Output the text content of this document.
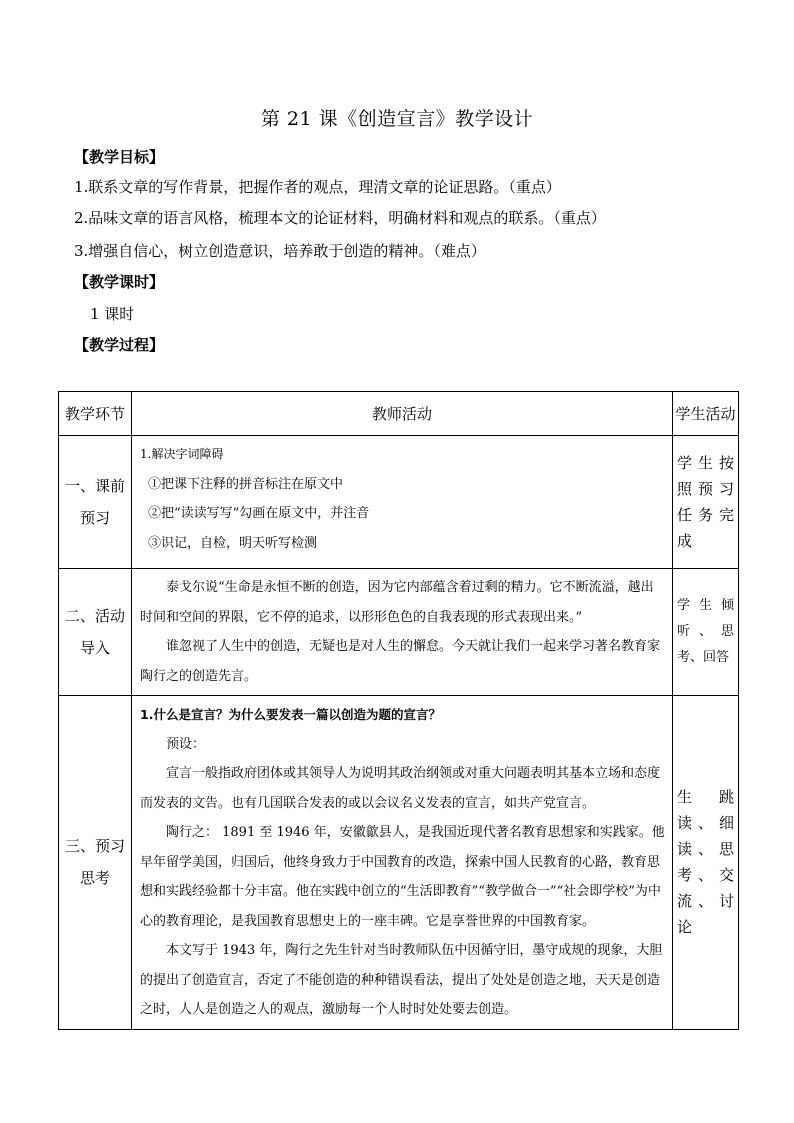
第 21 课《创造宣言》教学设计
【教学目标】
1.联系文章的写作背景，把握作者的观点，理清文章的论证思路。（重点）
2.品味文章的语言风格，梳理本文的论证材料，明确材料和观点的联系。（重点）
3.增强自信心，树立创造意识，培养敢于创造的精神。（难点）
【教学课时】
1 课时
【教学过程】
教学环节	教师活动	学生活动
一、课前预习	1.解决字词障碍

①把课下注释的拼音标注在原文中

②把“读读写写”勾画在原文中，并注音

③识记，自检，明天听写检测	学生按照预习任务完成
二、活动导入	泰戈尔说“生命是永恒不断的创造，因为它内部蕴含着过剩的精力。它不断流溢，越出时间和空间的界限，它不停的追求，以形形色色的自我表现的形式表现出来。”

谁忽视了人生中的创造，无疑也是对人生的懈怠。今天就让我们一起来学习著名教育家陶行之的创造先言。	学生倾听、思考、回答
三、预习思考	1.什么是宣言？为什么要发表一篇以创造为题的宣言？

预设：

宣言一般指政府团体或其领导人为说明其政治纲领或对重大问题表明其基本立场和态度而发表的文告。也有几国联合发表的或以会议名义发表的宣言，如共产党宣言。

陶行之： 1891 至 1946 年，安徽歙县人，是我国近现代著名教育思想家和实践家。他早年留学美国，归国后，他终身致力于中国教育的改造，探索中国人民教育的心路，教育思想和实践经验都十分丰富。他在实践中创立的“生活即教育”“教学做合一”“社会即学校”为中心的教育理论，是我国教育思想史上的一座丰碑。它是享誉世界的中国教育家。

本文写于 1943 年，陶行之先生针对当时教师队伍中因循守旧，墨守成规的现象，大胆的提出了创造宣言，否定了不能创造的种种错误看法，提出了处处是创造之地，天天是创造之时，人人是创造之人的观点，激励每一个人时时处处要去创造。	生跳读、细读、思考、交流、讨论
